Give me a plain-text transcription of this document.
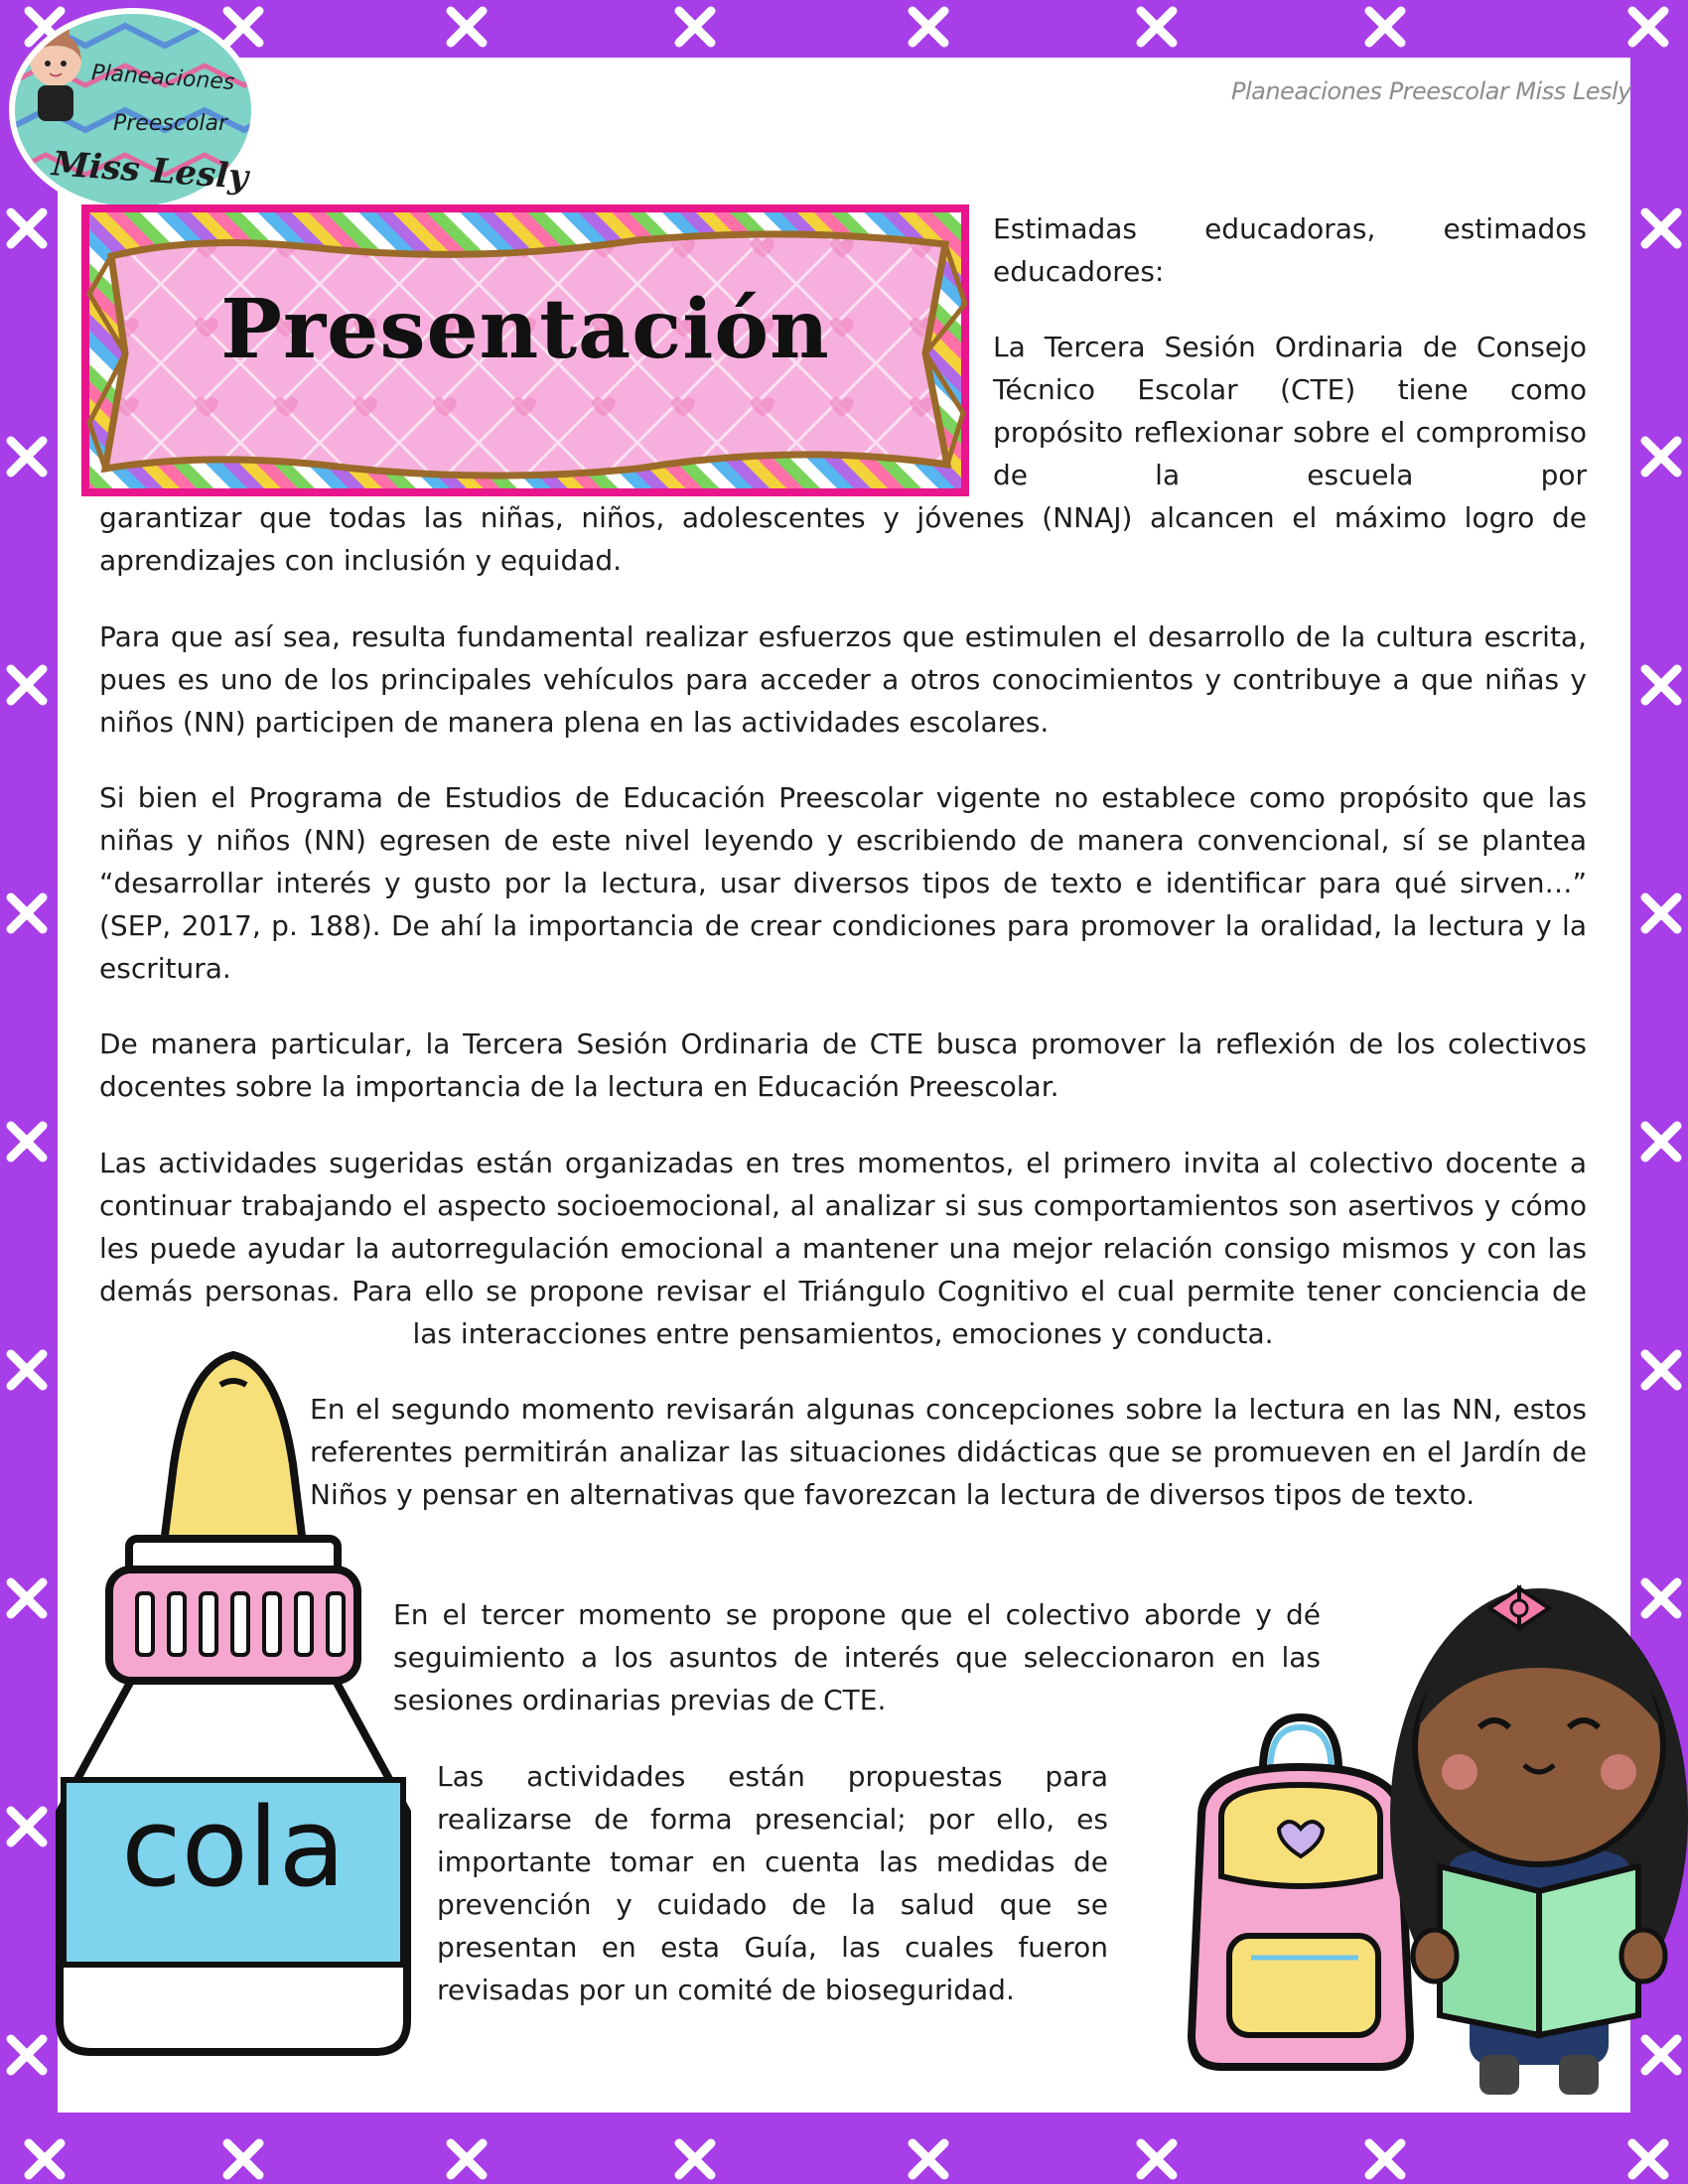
Planeaciones
Preescolar
Miss Lesly
Planeaciones Preescolar Miss Lesly
Presentación

Estimadas educadoras, estimados educadores:

La Tercera Sesión Ordinaria de Consejo Técnico Escolar (CTE) tiene como propósito reflexionar sobre el compromiso de la escuela por

garantizar que todas las niñas, niños, adolescentes y jóvenes (NNAJ) alcancen el máximo logro de aprendizajes con inclusión y equidad.

Para que así sea, resulta fundamental realizar esfuerzos que estimulen el desarrollo de la cultura escrita, pues es uno de los principales vehículos para acceder a otros conocimientos y contribuye a que niñas y niños (NN) participen de manera plena en las actividades escolares.

Si bien el Programa de Estudios de Educación Preescolar vigente no establece como propósito que las niñas y niños (NN) egresen de este nivel leyendo y escribiendo de manera convencional, sí se plantea “desarrollar interés y gusto por la lectura, usar diversos tipos de texto e identificar para qué sirven…” (SEP, 2017, p. 188). De ahí la importancia de crear condiciones para promover la oralidad, la lectura y la escritura.

De manera particular, la Tercera Sesión Ordinaria de CTE busca promover la reflexión de los colectivos docentes sobre la importancia de la lectura en Educación Preescolar.

Las actividades sugeridas están organizadas en tres momentos, el primero invita al colectivo docente a continuar trabajando el aspecto socioemocional, al analizar si sus comportamientos son asertivos y cómo les puede ayudar la autorregulación emocional a mantener una mejor relación consigo mismos y con las demás personas. Para ello se propone revisar el Triángulo Cognitivo el cual permite tener conciencia de las interacciones entre pensamientos, emociones y conducta.

En el segundo momento revisarán algunas concepciones sobre la lectura en las NN, estos referentes permitirán analizar las situaciones didácticas que se promueven en el Jardín de Niños y pensar en alternativas que favorezcan la lectura de diversos tipos de texto.

En el tercer momento se propone que el colectivo aborde y dé seguimiento a los asuntos de interés que seleccionaron en las sesiones ordinarias previas de CTE.

Las actividades están propuestas para realizarse de forma presencial; por ello, es importante tomar en cuenta las medidas de prevención y cuidado de la salud que se presentan en esta Guía, las cuales fueron revisadas por un comité de bioseguridad.

cola
